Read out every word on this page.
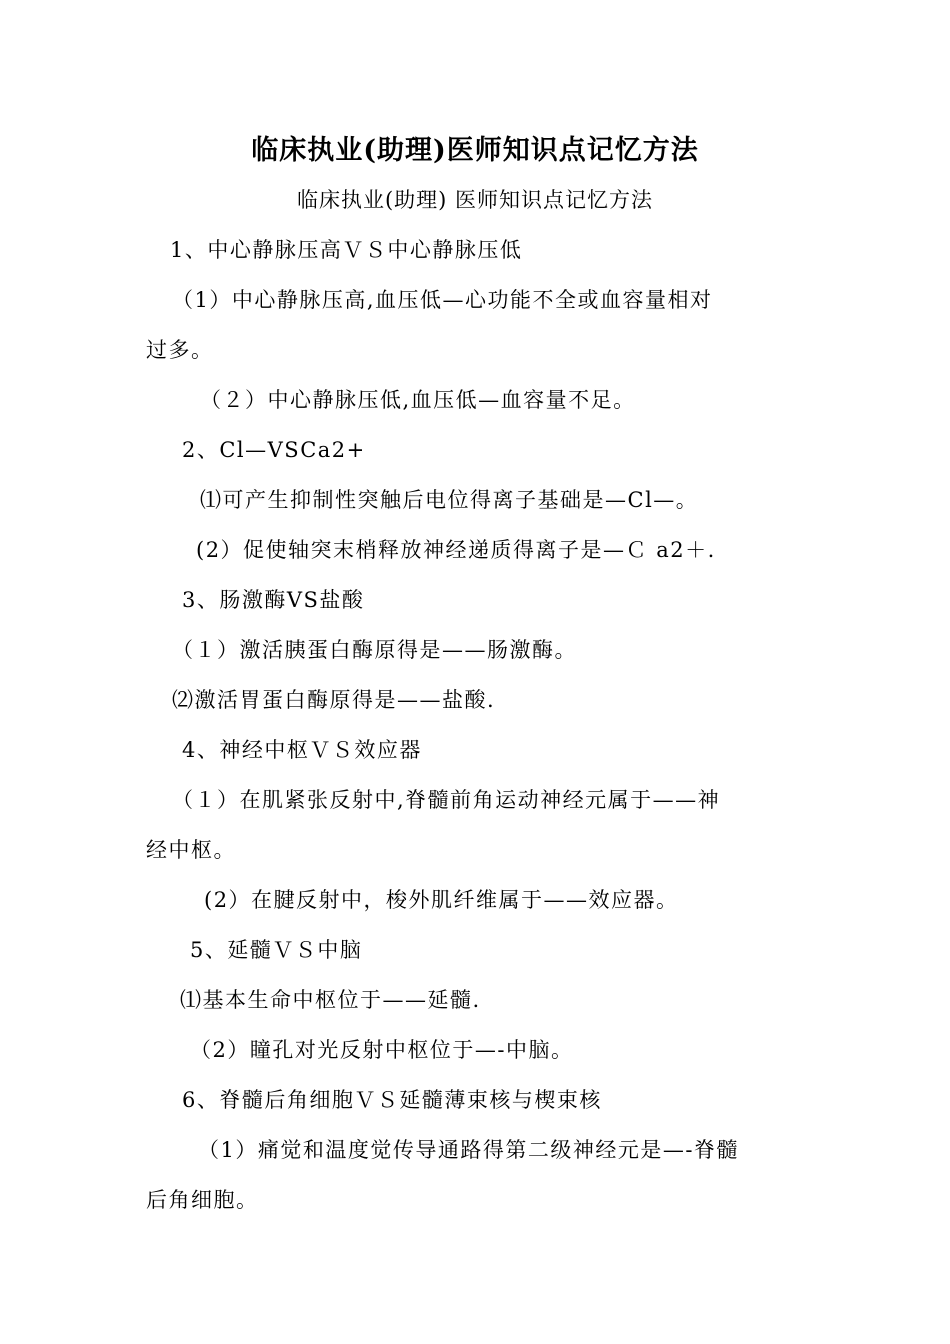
临床执业(助理)医师知识点记忆方法
临床执业(助理) 医师知识点记忆方法
1、中心静脉压高ＶＳ中心静脉压低
（1）中心静脉压高,血压低—心功能不全或血容量相对
过多。
（２）中心静脉压低,血压低—血容量不足。
2、Cl—VSCa2+
⑴可产生抑制性突触后电位得离子基础是—Cl—。
(2）促使轴突末梢释放神经递质得离子是—Ｃ a2＋.
3、肠激酶VS盐酸
（１）激活胰蛋白酶原得是——肠激酶。
⑵激活胃蛋白酶原得是——盐酸.
4、神经中枢ＶＳ效应器
（１）在肌紧张反射中,脊髓前角运动神经元属于——神
经中枢。
(2）在腱反射中，梭外肌纤维属于——效应器。
5、延髓ＶＳ中脑
⑴基本生命中枢位于——延髓.
（2）瞳孔对光反射中枢位于—-中脑。
6、脊髓后角细胞ＶＳ延髓薄束核与楔束核
（1）痛觉和温度觉传导通路得第二级神经元是—-脊髓
后角细胞。
